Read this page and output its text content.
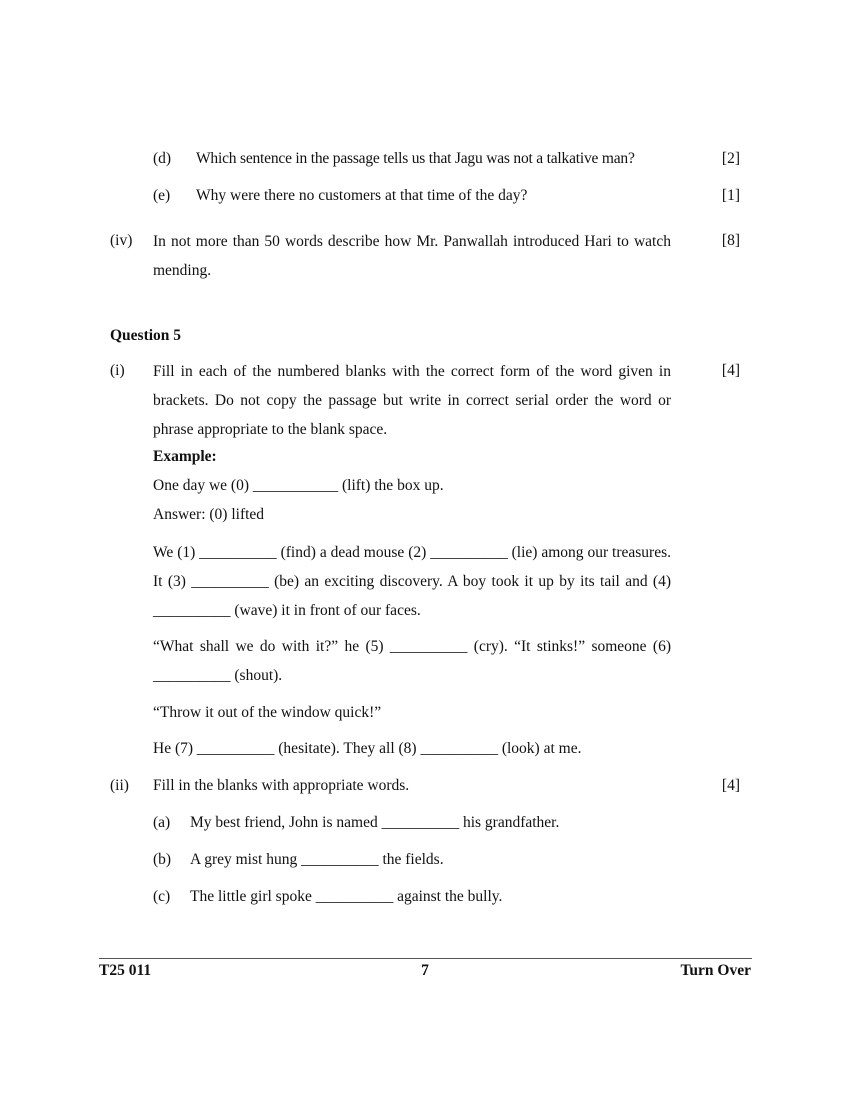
(d) Which sentence in the passage tells us that Jagu was not a talkative man?	[2]
(e) Why were there no customers at that time of the day?	[1]
(iv) In not more than 50 words describe how Mr. Panwallah introduced Hari to watch mending.
[8]
Question 5
(i) Fill in each of the numbered blanks with the correct form of the word given in brackets. Do not copy the passage but write in correct serial order the word or phrase appropriate to the blank space.
[4]
Example:
One day we (0) ___________ (lift) the box up.
Answer: (0) lifted
We (1) __________ (find) a dead mouse (2) __________ (lie) among our treasures. It (3) __________ (be) an exciting discovery. A boy took it up by its tail and (4) __________ (wave) it in front of our faces.
“What shall we do with it?” he (5) __________ (cry). “It stinks!” someone (6) __________ (shout).
“Throw it out of the window quick!”
He (7) __________ (hesitate). They all (8) __________ (look) at me.
(ii) Fill in the blanks with appropriate words.	[4]
(a) My best friend, John is named __________ his grandfather.
(b) A grey mist hung __________ the fields.
(c) The little girl spoke __________ against the bully.
T25 011	7	Turn Over
